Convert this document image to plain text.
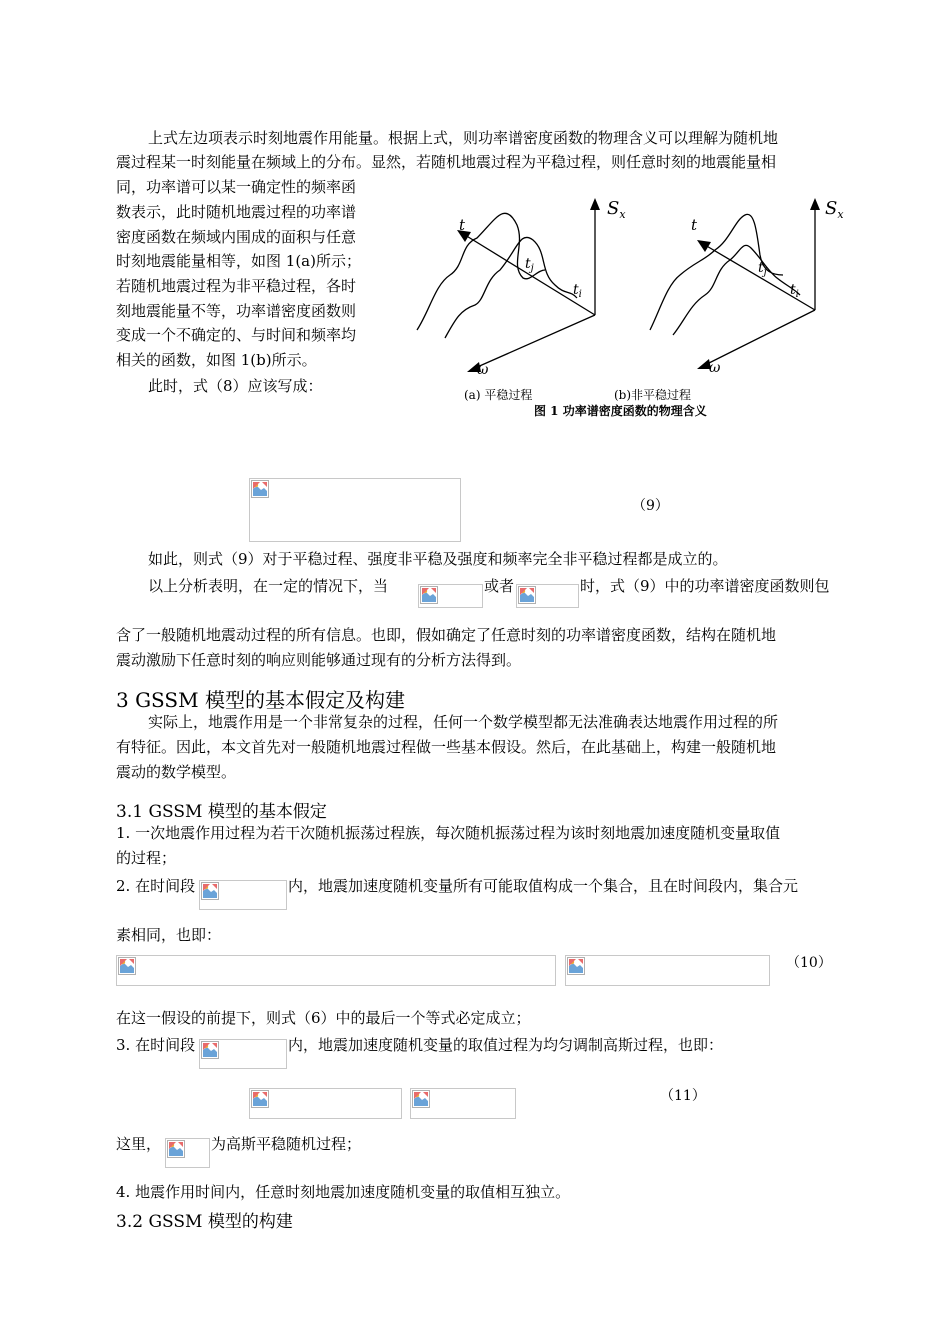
上式左边项表示时刻地震作用能量。根据上式，则功率谱密度函数的物理含义可以理解为随机地
震过程某一时刻能量在频域上的分布。显然，若随机地震过程为平稳过程，则任意时刻的地震能量相
同，功率谱可以某一确定性的频率函
数表示，此时随机地震过程的功率谱
密度函数在频域内围成的面积与任意
时刻地震能量相等，如图 1(a)所示；
若随机地震过程为非平稳过程，各时
刻地震能量不等，功率谱密度函数则
变成一个不确定的、与时间和频率均
相关的函数，如图 1(b)所示。
此时，式（8）应该写成：
$S_x$
t
ω
$t_j$
$t_i$
$S_x$
t
ω
$t_j$
$t_i$
(a) 平稳过程	(b)非平稳过程
图 1 功率谱密度函数的物理含义
（9）
如此，则式（9）对于平稳过程、强度非平稳及强度和频率完全非平稳过程都是成立的。
以上分析表明，在一定的情况下，当	或者	时，式（9）中的功率谱密度函数则包
含了一般随机地震动过程的所有信息。也即，假如确定了任意时刻的功率谱密度函数，结构在随机地
震动激励下任意时刻的响应则能够通过现有的分析方法得到。
3 GSSM 模型的基本假定及构建
实际上，地震作用是一个非常复杂的过程，任何一个数学模型都无法准确表达地震作用过程的所
有特征。因此，本文首先对一般随机地震过程做一些基本假设。然后，在此基础上，构建一般随机地
震动的数学模型。
3.1 GSSM 模型的基本假定
1. 一次地震作用过程为若干次随机振荡过程族，每次随机振荡过程为该时刻地震加速度随机变量取值
的过程；
2. 在时间段	内，地震加速度随机变量所有可能取值构成一个集合，且在时间段内，集合元
素相同，也即：
（10）
在这一假设的前提下，则式（6）中的最后一个等式必定成立；
3. 在时间段	内，地震加速度随机变量的取值过程为均匀调制高斯过程，也即：
（11）
这里，	为高斯平稳随机过程；
4. 地震作用时间内，任意时刻地震加速度随机变量的取值相互独立。
3.2 GSSM 模型的构建
